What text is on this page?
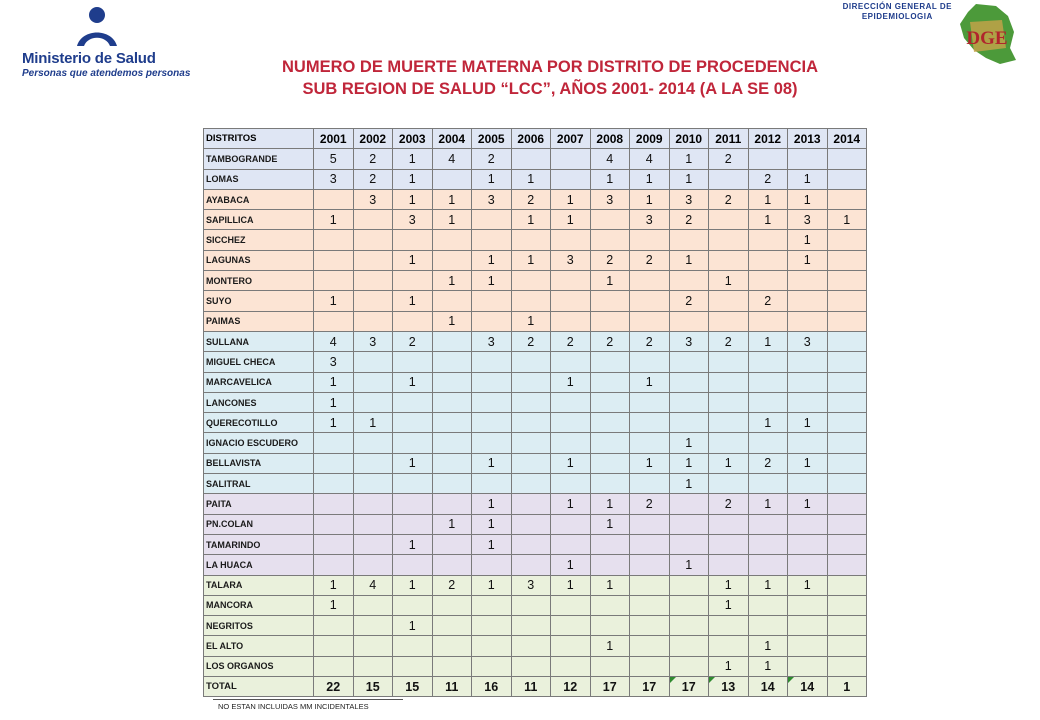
Ministerio de Salud
Personas que atendemos personas
DIRECCIÓN GENERAL DE
EPIDEMIOLOGIA
DGE
NUMERO DE MUERTE MATERNA POR DISTRITO DE PROCEDENCIA
SUB REGION DE SALUD “LCC”, AÑOS 2001- 2014 (A LA SE 08)
DISTRITOS	2001	2002	2003	2004	2005	2006	2007	2008	2009	2010	2011	2012	2013	2014
TAMBOGRANDE	5	2	1	4	2			4	4	1	2			
LOMAS	3	2	1		1	1		1	1	1		2	1	
AYABACA		3	1	1	3	2	1	3	1	3	2	1	1	
SAPILLICA	1		3	1		1	1		3	2		1	3	1
SICCHEZ													1	
LAGUNAS			1		1	1	3	2	2	1			1	
MONTERO				1	1			1			1			
SUYO	1		1							2		2		
PAIMAS				1		1								
SULLANA	4	3	2		3	2	2	2	2	3	2	1	3	
MIGUEL CHECA	3													
MARCAVELICA	1		1				1		1					
LANCONES	1													
QUERECOTILLO	1	1										1	1	
IGNACIO ESCUDERO										1				
BELLAVISTA			1		1		1		1	1	1	2	1	
SALITRAL										1				
PAITA					1		1	1	2		2	1	1	
PN.COLAN				1	1			1						
TAMARINDO			1		1									
LA HUACA							1			1				
TALARA	1	4	1	2	1	3	1	1			1	1	1	
MANCORA	1										1			
NEGRITOS			1											
EL ALTO								1				1		
LOS ORGANOS											1	1		
TOTAL	22	15	15	11	16	11	12	17	17	17	13	14	14	1
NO ESTAN INCLUIDAS MM INCIDENTALES
